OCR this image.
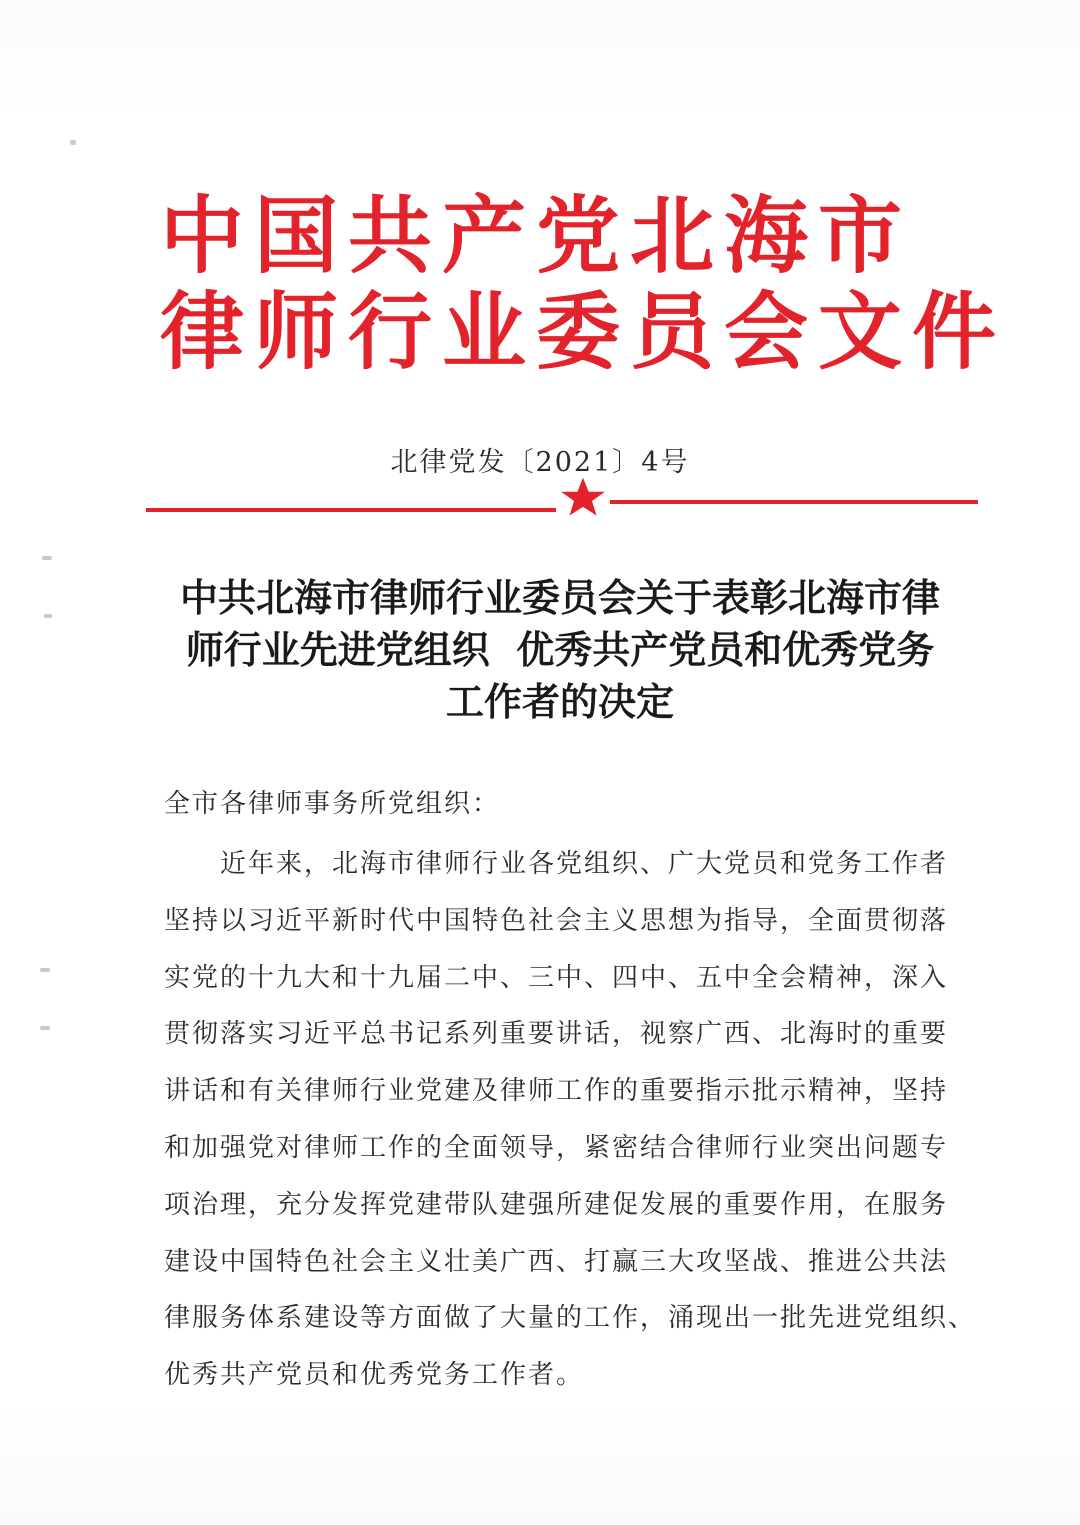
中国共产党北海市
律师行业委员会文件
北律党发〔2021〕4号
中共北海市律师行业委员会关于表彰北海市律
师行业先进党组织  优秀共产党员和优秀党务
工作者的决定
全市各律师事务所党组织：
近年来，北海市律师行业各党组织、广大党员和党务工作者
坚持以习近平新时代中国特色社会主义思想为指导，全面贯彻落
实党的十九大和十九届二中、三中、四中、五中全会精神，深入
贯彻落实习近平总书记系列重要讲话，视察广西、北海时的重要
讲话和有关律师行业党建及律师工作的重要指示批示精神，坚持
和加强党对律师工作的全面领导，紧密结合律师行业突出问题专
项治理，充分发挥党建带队建强所建促发展的重要作用，在服务
建设中国特色社会主义壮美广西、打赢三大攻坚战、推进公共法
律服务体系建设等方面做了大量的工作，涌现出一批先进党组织、
优秀共产党员和优秀党务工作者。
